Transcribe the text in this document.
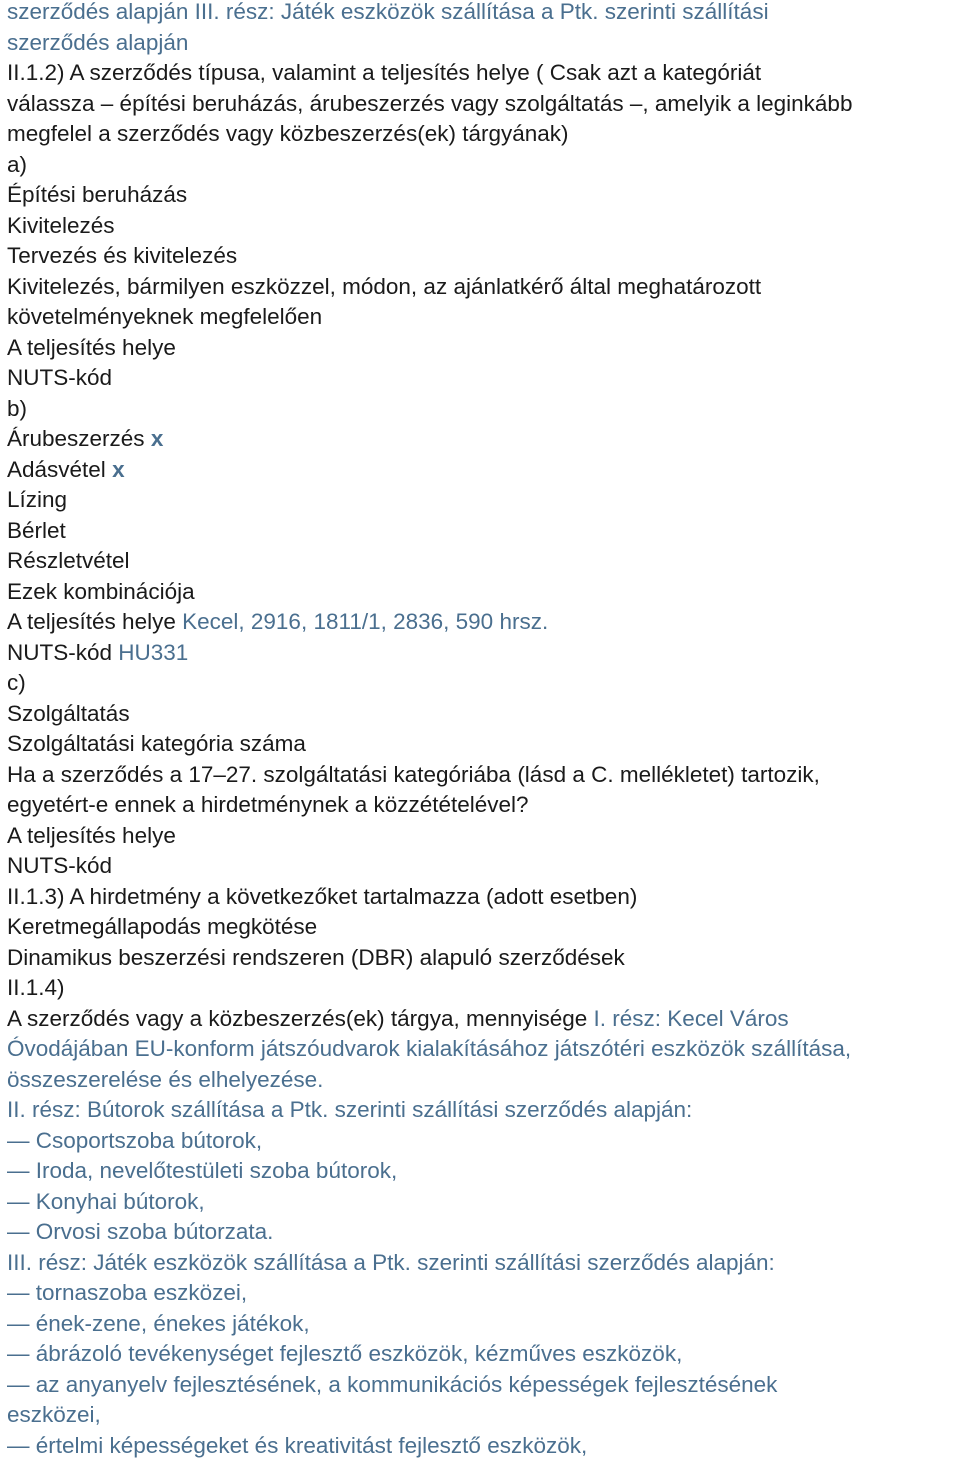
szerződés alapján III. rész: Játék eszközök szállítása a Ptk. szerinti szállítási
szerződés alapján
II.1.2) A szerződés típusa, valamint a teljesítés helye ( Csak azt a kategóriát
válassza – építési beruházás, árubeszerzés vagy szolgáltatás –, amelyik a leginkább
megfelel a szerződés vagy közbeszerzés(ek) tárgyának)
a)
Építési beruházás
Kivitelezés
Tervezés és kivitelezés
Kivitelezés, bármilyen eszközzel, módon, az ajánlatkérő által meghatározott
követelményeknek megfelelően
A teljesítés helye
NUTS-kód
b)
Árubeszerzés x
Adásvétel x
Lízing
Bérlet
Részletvétel
Ezek kombinációja
A teljesítés helye Kecel, 2916, 1811/1, 2836, 590 hrsz.
NUTS-kód HU331
c)
Szolgáltatás
Szolgáltatási kategória száma
Ha a szerződés a 17–27. szolgáltatási kategóriába (lásd a C. mellékletet) tartozik,
egyetért-e ennek a hirdetménynek a közzétételével?
A teljesítés helye
NUTS-kód
II.1.3) A hirdetmény a következőket tartalmazza (adott esetben)
Keretmegállapodás megkötése
Dinamikus beszerzési rendszeren (DBR) alapuló szerződések
II.1.4)
A szerződés vagy a közbeszerzés(ek) tárgya, mennyisége I. rész: Kecel Város
Óvodájában EU-konform játszóudvarok kialakításához játszótéri eszközök szállítása,
összeszerelése és elhelyezése.
II. rész: Bútorok szállítása a Ptk. szerinti szállítási szerződés alapján:
— Csoportszoba bútorok,
— Iroda, nevelőtestületi szoba bútorok,
— Konyhai bútorok,
— Orvosi szoba bútorzata.
III. rész: Játék eszközök szállítása a Ptk. szerinti szállítási szerződés alapján:
— tornaszoba eszközei,
— ének-zene, énekes játékok,
— ábrázoló tevékenységet fejlesztő eszközök, kézműves eszközök,
— az anyanyelv fejlesztésének, a kommunikációs képességek fejlesztésének
eszközei,
— értelmi képességeket és kreativitást fejlesztő eszközök,
